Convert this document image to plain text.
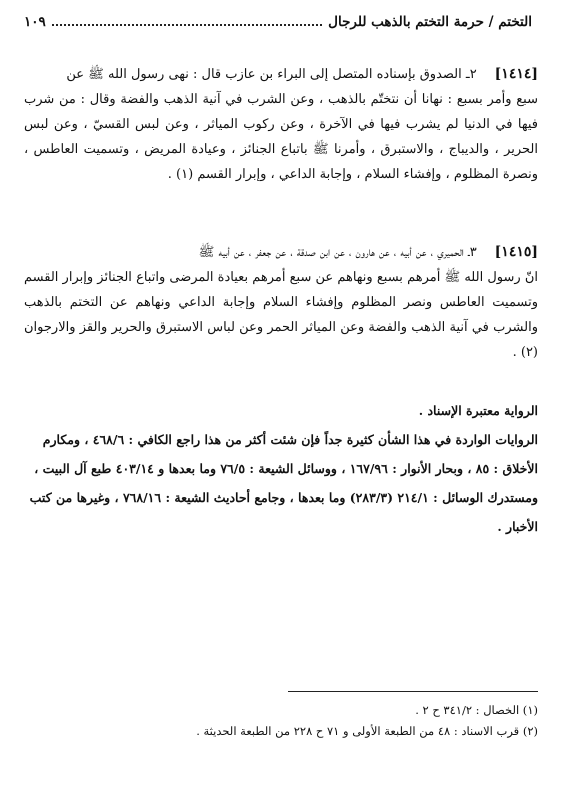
التختم / حرمة التختم بالذهب للرجال
١٠٩
[١٤١٤]
٢ـ الصدوق بإسناده المتصل إلى البراء بن عازب قال : نهى رسول الله ﷺ عن

سبع وأمر بسبع : نهانا أن نتختّم بالذهب ، وعن الشرب في آنية الذهب والفضة وقال : من شرب فيها في الدنيا لم يشرب فيها في الآخرة ، وعن ركوب المياثر ، وعن لبس القسيّ ، وعن لبس الحرير ، والديباج ، والاستبرق ، وأمرنا ﷺ باتباع الجنائز ، وعيادة المريض ، وتسميت العاطس ، ونصرة المظلوم ، وإفشاء السلام ، وإجابة الداعي ، وإبرار القسم (١) .

[١٤١٥]
٣ـ الحميري ، عن أبيه ، عن هارون ، عن ابن صدقة ، عن جعفر ، عن أبيه ﷺ

انّ رسول الله ﷺ أمرهم بسبع ونهاهم عن سبع أمرهم بعيادة المرضى واتباع الجنائز وإبرار القسم وتسميت العاطس ونصر المظلوم وإفشاء السلام وإجابة الداعي ونهاهم عن التختم بالذهب والشرب في آنية الذهب والفضة وعن المياثر الحمر وعن لباس الاستبرق والحرير والقز والارجوان (٢) .

الرواية معتبرة الإسناد .
الروايات الواردة في هذا الشأن كثيرة جداً فإن شئت أكثر من هذا راجع الكافي : ٤٦٨/٦ ، ومكارم الأخلاق : ٨٥ ، وبحار الأنوار : ١٦٧/٩٦ ، ووسائل الشيعة : ٧٦/٥ وما بعدها و ٤٠٣/١٤ طبع آل البيت ، ومستدرك الوسائل : ٢١٤/١ (٢٨٣/٣) وما بعدها ، وجامع أحاديث الشيعة : ٧٦٨/١٦ ، وغيرها من كتب الأخبار .

(١) الخصال : ٣٤١/٢ ح ٢ .

(٢) قرب الاسناد : ٤٨ من الطبعة الأولى و ٧١ ح ٢٢٨ من الطبعة الحديثة .
